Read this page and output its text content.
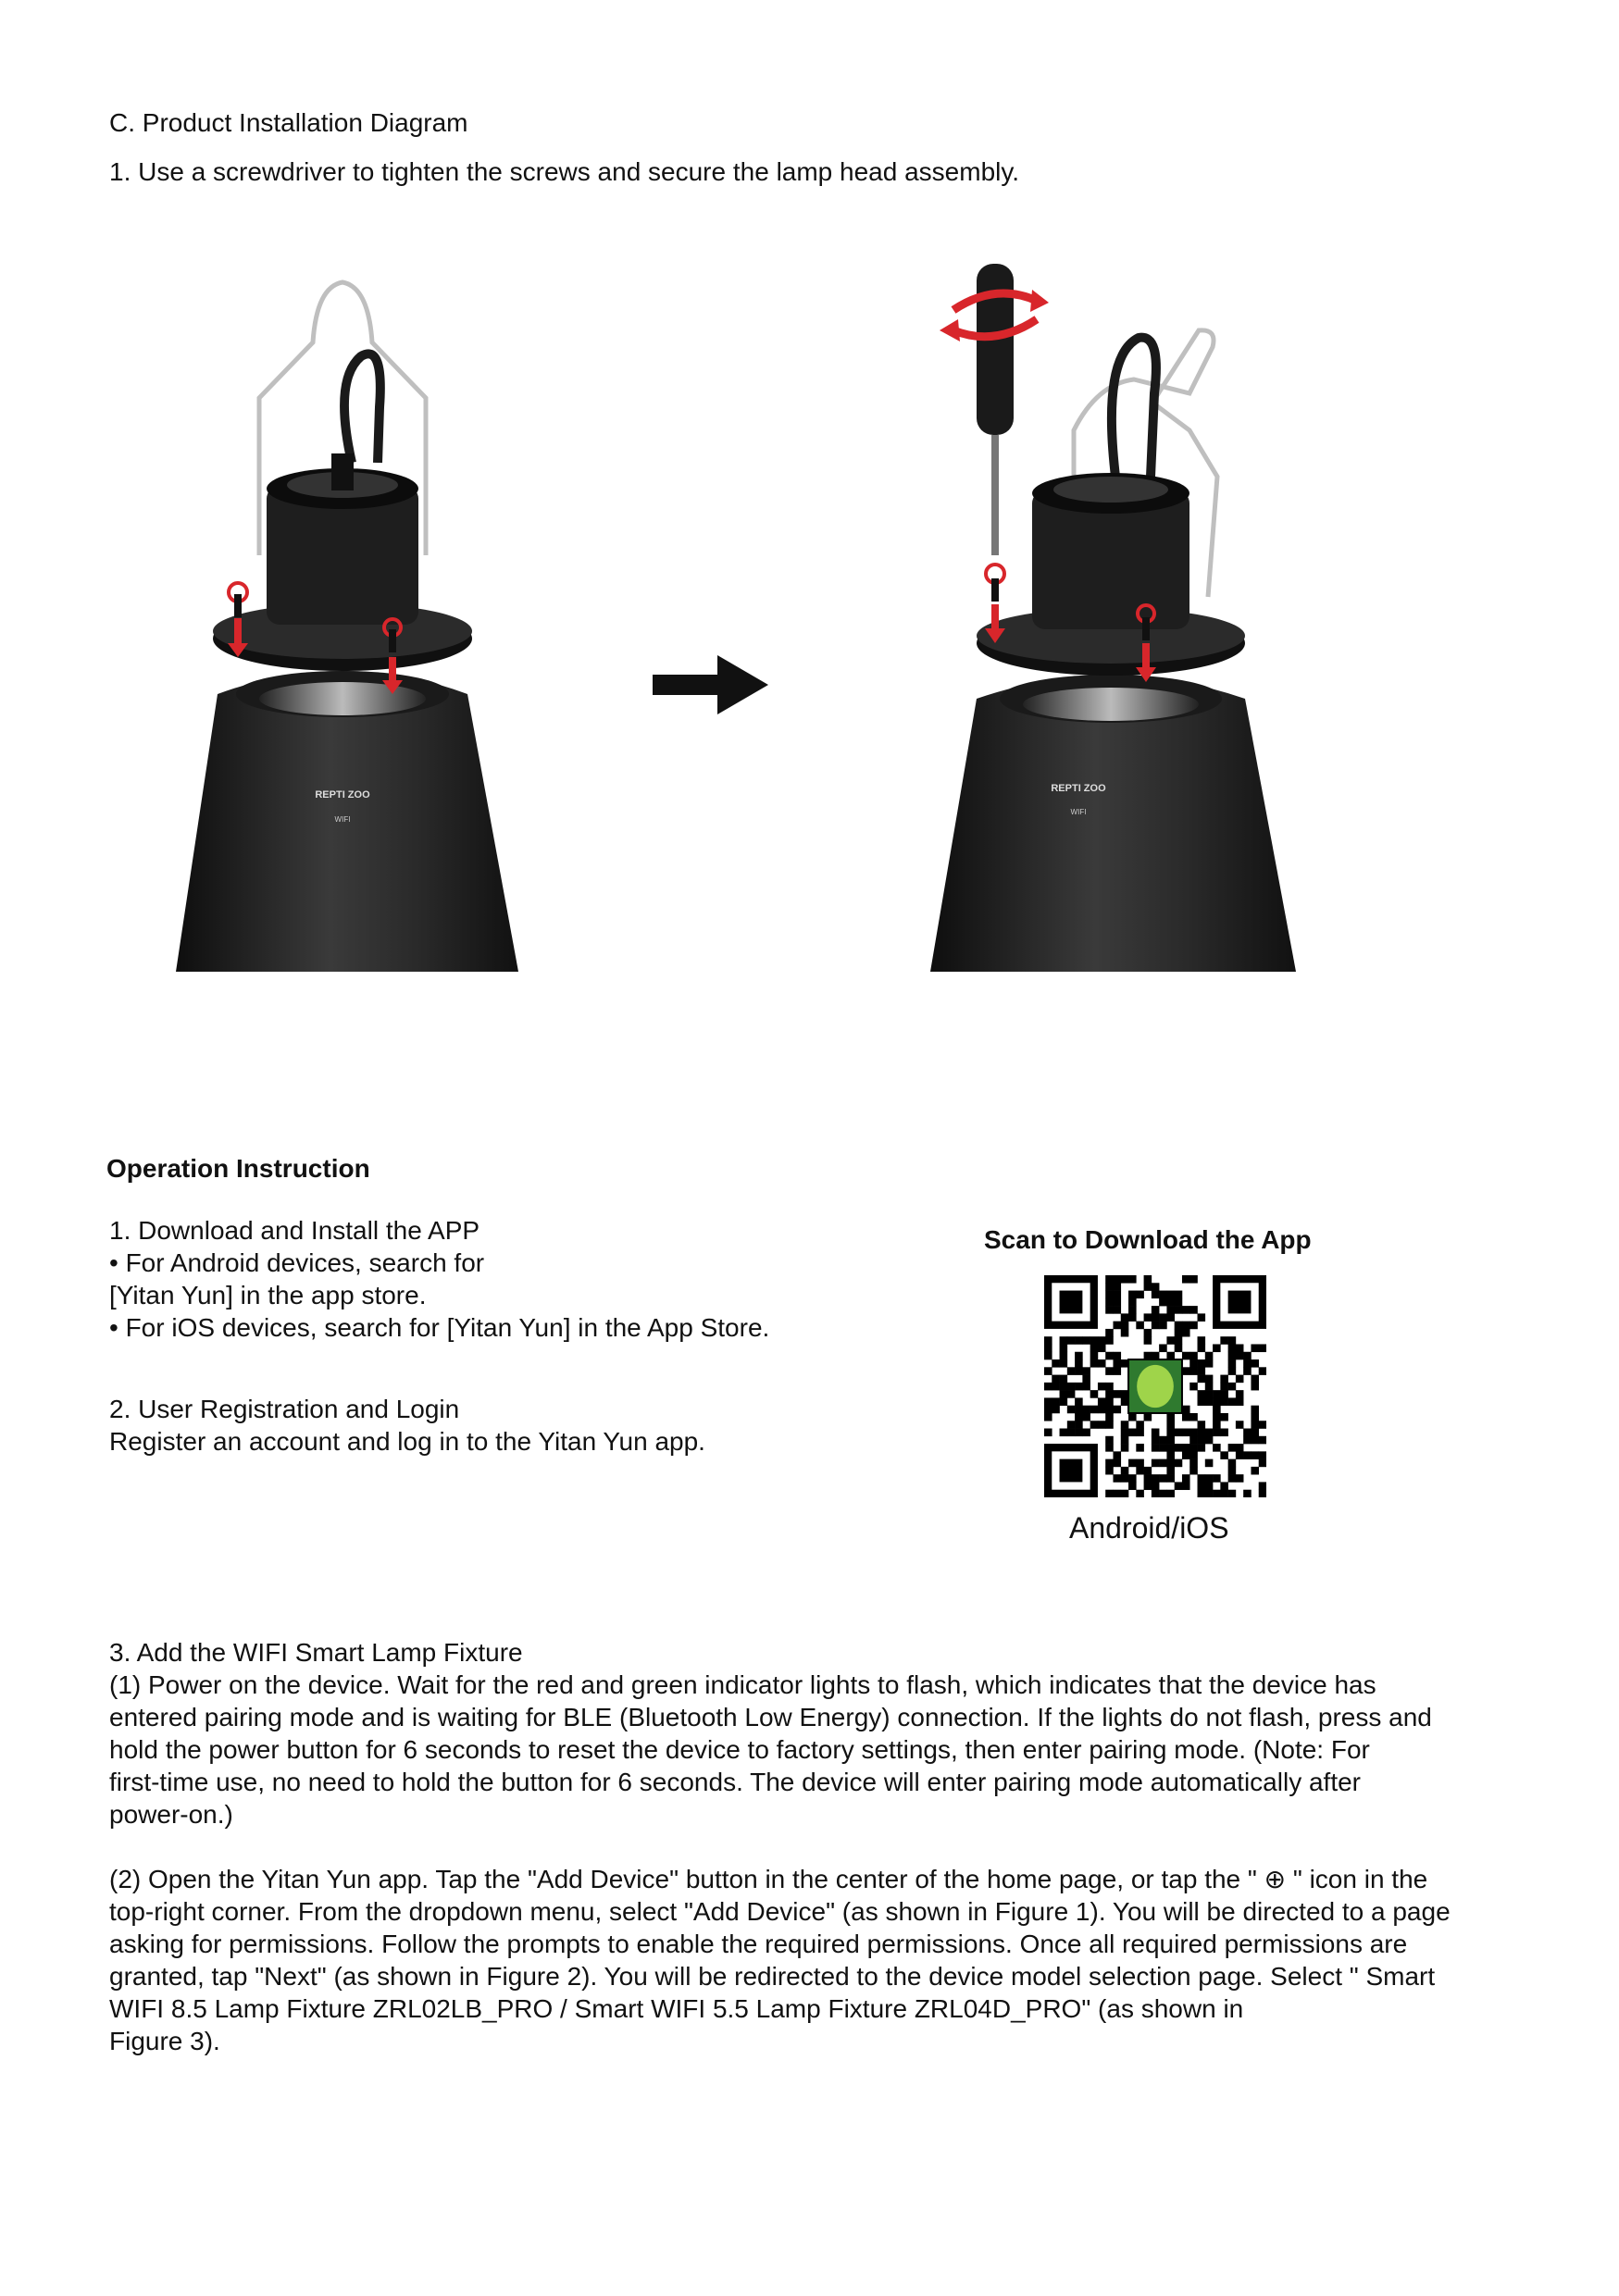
C. Product Installation Diagram
1. Use a screwdriver to tighten the screws and secure the lamp head assembly.
REPTI ZOO
WIFI
REPTI ZOO
WIFI
Operation Instruction
1. Download and Install the APP
• For Android devices, search for
[Yitan Yun] in the app store.
• For iOS devices, search for [Yitan Yun] in the App Store.
2. User Registration and Login
Register an account and log in to the Yitan Yun app.
Scan to Download the App
Android/iOS
3. Add the WIFI Smart Lamp Fixture
(1) Power on the device. Wait for the red and green indicator lights to flash, which indicates that the device has
entered pairing mode and is waiting for BLE (Bluetooth Low Energy) connection. If the lights do not flash, press and
hold the power button for 6 seconds to reset the device to factory settings, then enter pairing mode. (Note: For
first-time use, no need to hold the button for 6 seconds. The device will enter pairing mode automatically after
power-on.)
(2) Open the Yitan Yun app. Tap the "Add Device" button in the center of the home page, or tap the " ⊕ " icon in the
top-right corner. From the dropdown menu, select "Add Device" (as shown in Figure 1). You will be directed to a page
asking for permissions. Follow the prompts to enable the required permissions. Once all required permissions are
granted, tap "Next" (as shown in Figure 2). You will be redirected to the device model selection page. Select " Smart
WIFI 8.5 Lamp Fixture ZRL02LB_PRO / Smart WIFI 5.5 Lamp Fixture ZRL04D_PRO" (as shown in
Figure 3).
